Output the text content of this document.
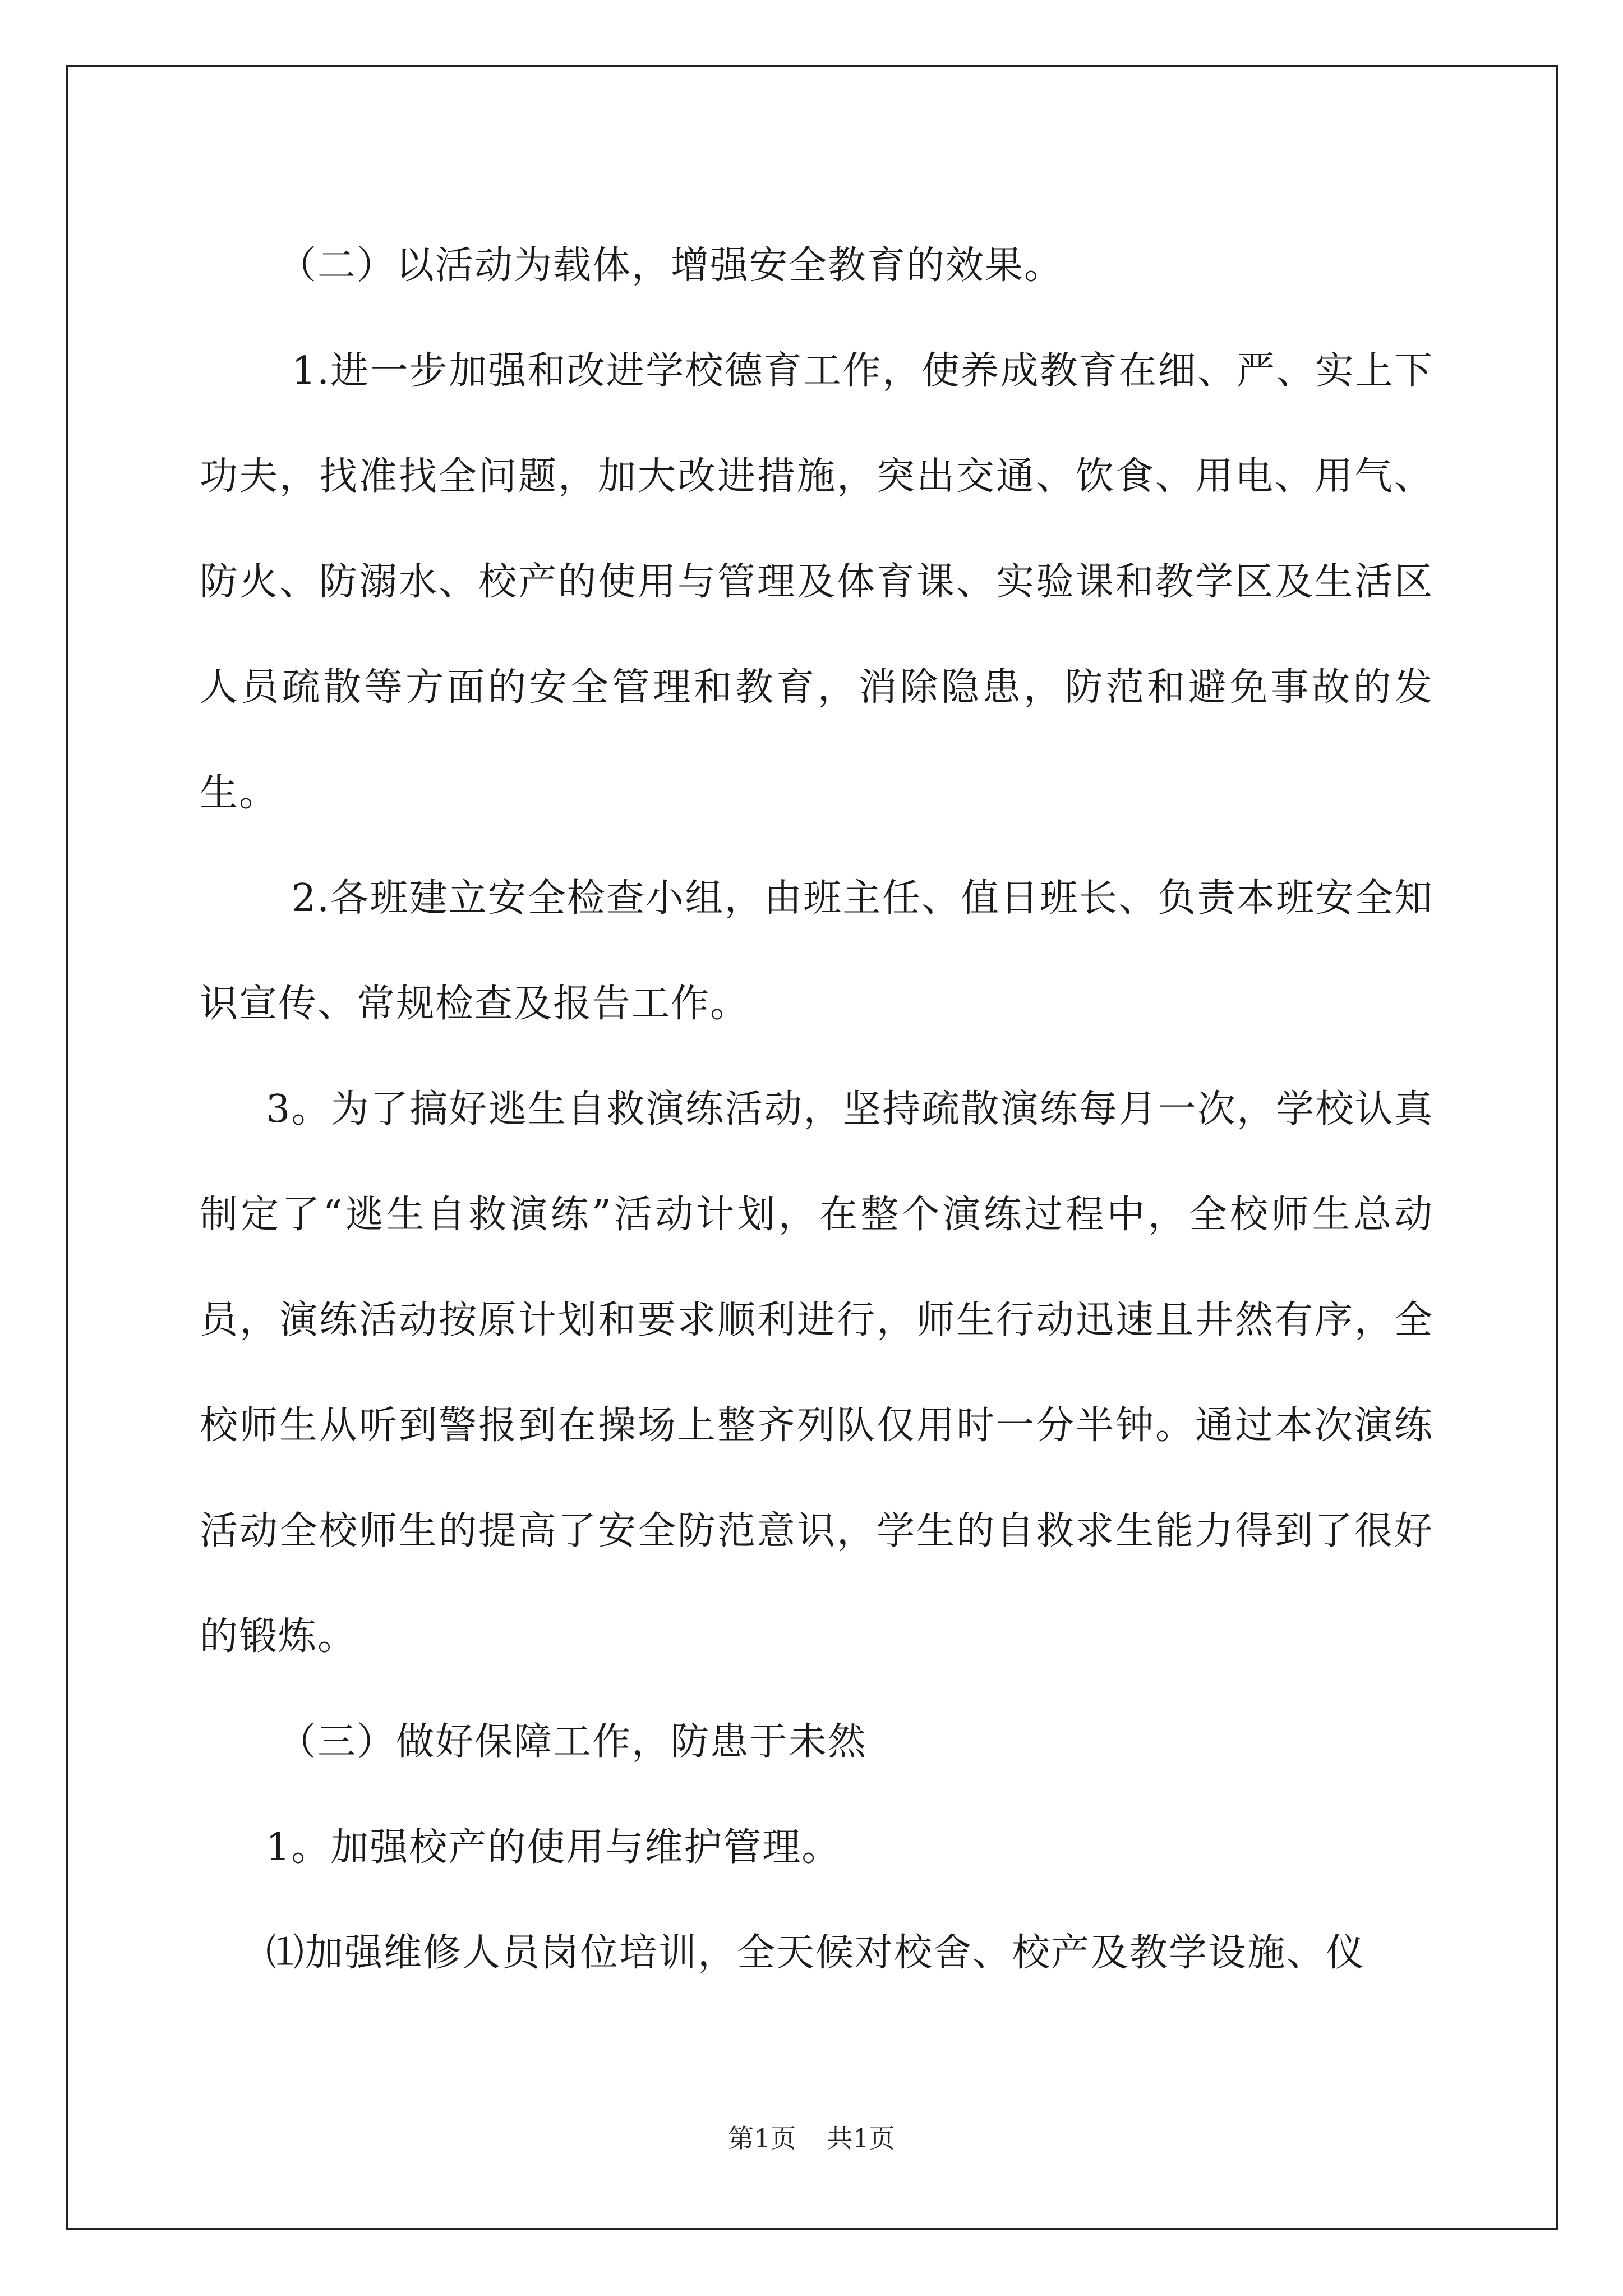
（二）以活动为载体，增强安全教育的效果。

1.进一步加强和改进学校德育工作，使养成教育在细、严、实上下功夫，找准找全问题，加大改进措施，突出交通、饮食、用电、用气、防火、防溺水、校产的使用与管理及体育课、实验课和教学区及生活区人员疏散等方面的安全管理和教育，消除隐患，防范和避免事故的发生。

2.各班建立安全检查小组，由班主任、值日班长、负责本班安全知识宣传、常规检查及报告工作。

3。为了搞好逃生自救演练活动，坚持疏散演练每月一次，学校认真制定了“逃生自救演练”活动计划，在整个演练过程中，全校师生总动员，演练活动按原计划和要求顺利进行，师生行动迅速且井然有序，全校师生从听到警报到在操场上整齐列队仅用时一分半钟。通过本次演练活动全校师生的提高了安全防范意识，学生的自救求生能力得到了很好的锻炼。

（三）做好保障工作，防患于未然

1。加强校产的使用与维护管理。

⑴加强维修人员岗位培训，全天候对校舍、校产及教学设施、仪

第1页 共1页
